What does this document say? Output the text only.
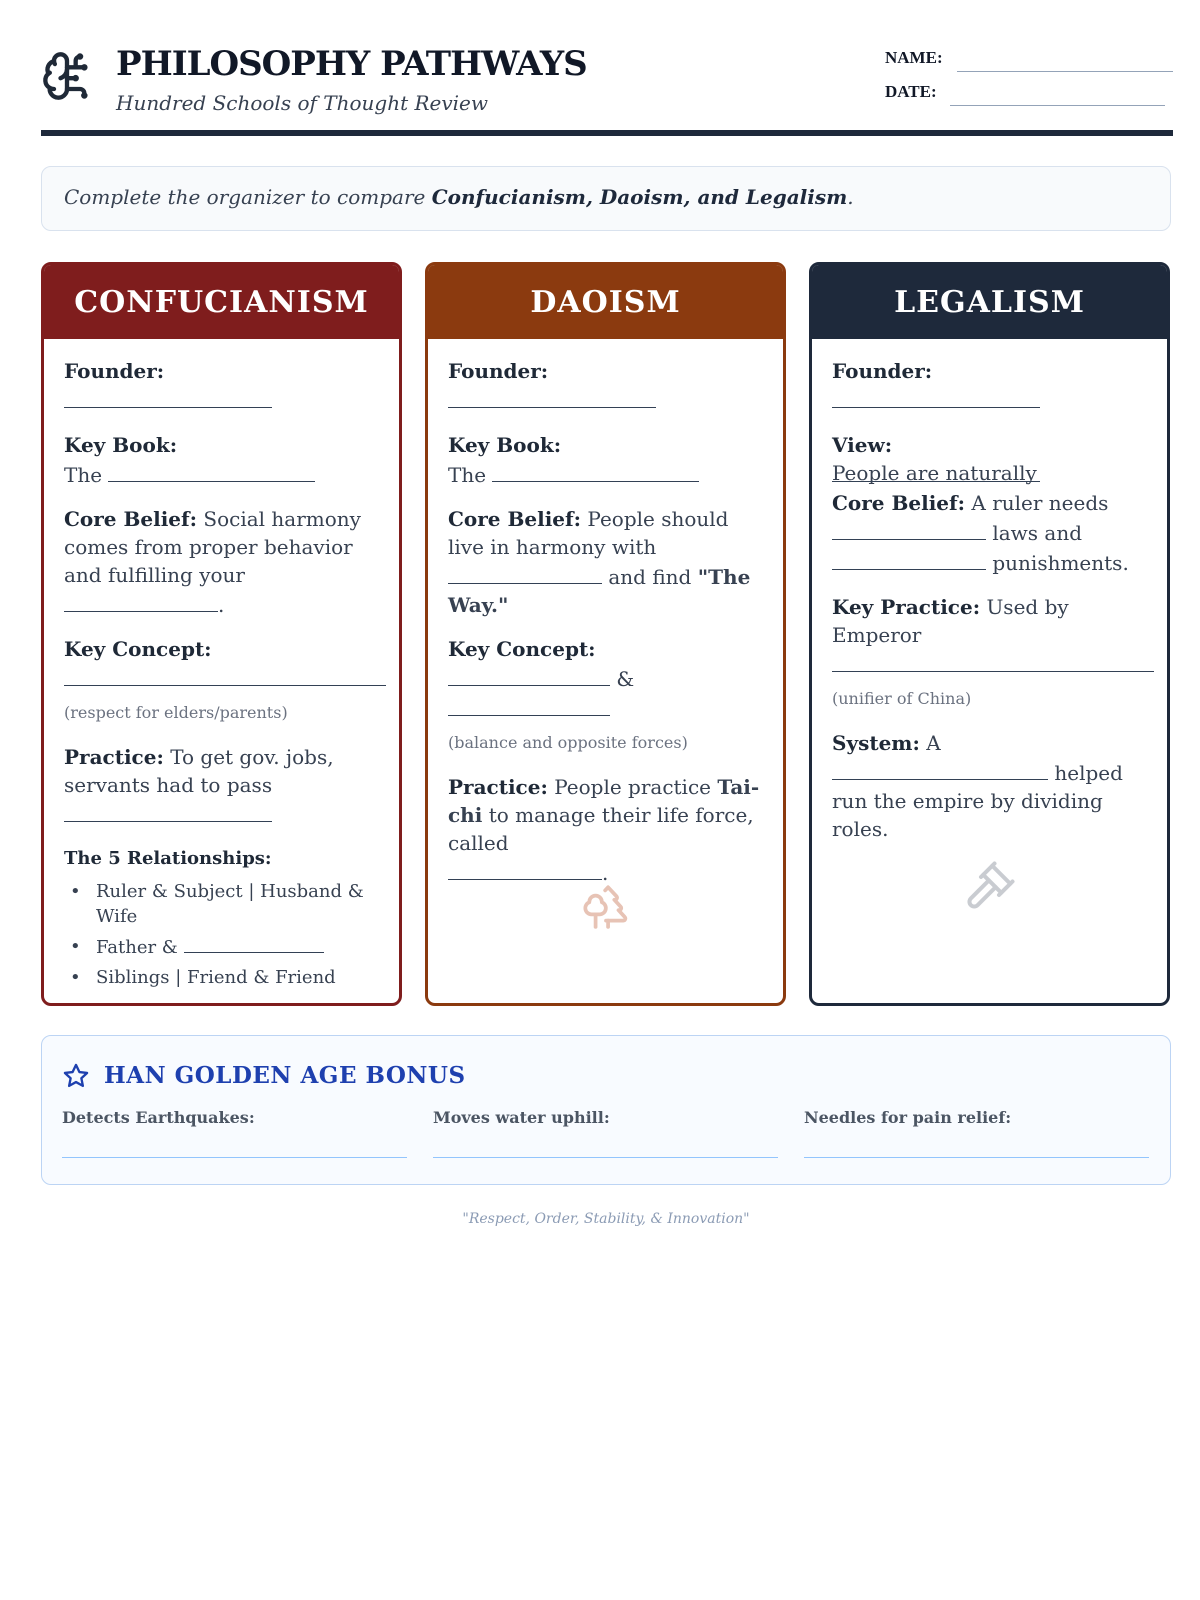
PHILOSOPHY PATHWAYS
Hundred Schools of Thought Review
NAME:
DATE:
Complete the organizer to compare Confucianism, Daoism, and Legalism.
CONFUCIANISM
Founder:
Key Book:
The
Core Belief: Social harmony comes from proper behavior and fulfilling your
.
Key Concept:
(respect for elders/parents)
Practice: To get gov. jobs, servants had to pass

The 5 Relationships:
• Ruler & Subject | Husband & Wife
• Father &
• Siblings | Friend & Friend
DAOISM
Founder:
Key Book:
The
Core Belief: People should live in harmony with
and find "The Way."
Key Concept:
&
(balance and opposite forces)
Practice: People practice Tai-chi to manage their life force, called
.
LEGALISM
Founder:
View:
People are naturally
Core Belief: A ruler needs
laws and
punishments.
Key Practice: Used by Emperor

(unifier of China)
System: A
helped run the empire by dividing roles.
HAN GOLDEN AGE BONUS
Detects Earthquakes:	Moves water uphill:	Needles for pain relief:
"Respect, Order, Stability, & Innovation"
